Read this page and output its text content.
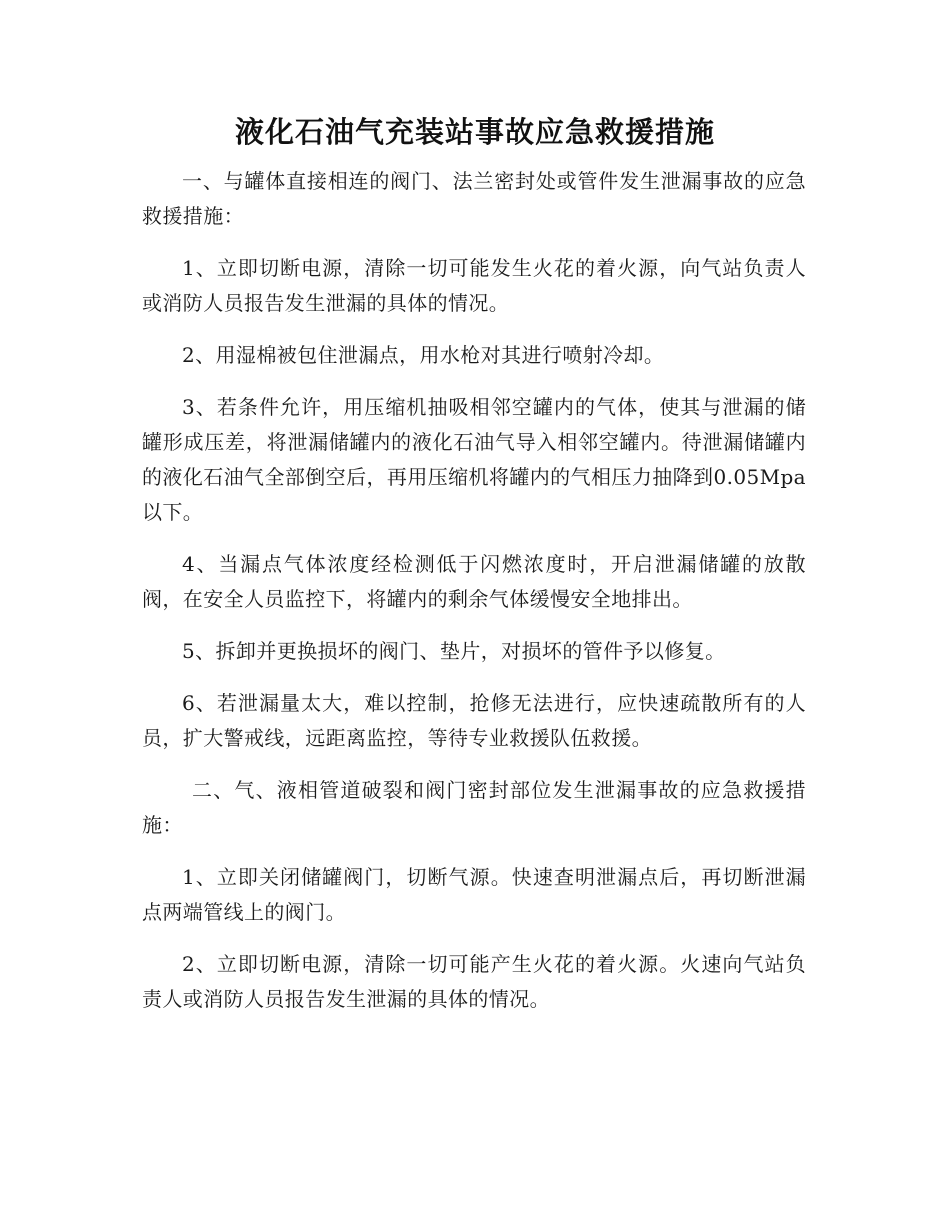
液化石油气充装站事故应急救援措施

一、与罐体直接相连的阀门、法兰密封处或管件发生泄漏事故的应急救援措施：

1、立即切断电源，清除一切可能发生火花的着火源，向气站负责人或消防人员报告发生泄漏的具体的情况。

2、用湿棉被包住泄漏点，用水枪对其进行喷射冷却。

3、若条件允许，用压缩机抽吸相邻空罐内的气体，使其与泄漏的储罐形成压差，将泄漏储罐内的液化石油气导入相邻空罐内。待泄漏储罐内的液化石油气全部倒空后，再用压缩机将罐内的气相压力抽降到0.05Mpa以下。

4、当漏点气体浓度经检测低于闪燃浓度时，开启泄漏储罐的放散阀，在安全人员监控下，将罐内的剩余气体缓慢安全地排出。

5、拆卸并更换损坏的阀门、垫片，对损坏的管件予以修复。

6、若泄漏量太大，难以控制，抢修无法进行，应快速疏散所有的人员，扩大警戒线，远距离监控，等待专业救援队伍救援。

二、气、液相管道破裂和阀门密封部位发生泄漏事故的应急救援措施：

1、立即关闭储罐阀门，切断气源。快速查明泄漏点后，再切断泄漏点两端管线上的阀门。

2、立即切断电源，清除一切可能产生火花的着火源。火速向气站负责人或消防人员报告发生泄漏的具体的情况。
